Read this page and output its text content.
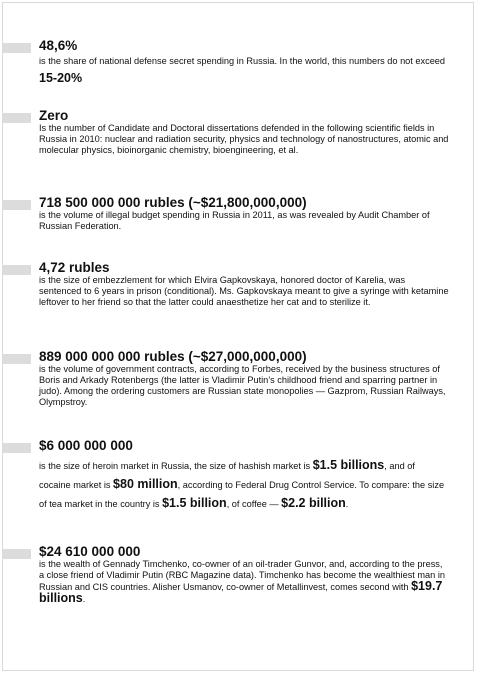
48,6%

is the share of national defense secret spending in Russia. In the world, this numbers do not exceed 15-20%

Zero

Is the number of Candidate and Doctoral dissertations defended in the following scientific fields in Russia in 2010: nuclear and radiation security, physics and technology of nanostructures, atomic and molecular physics, bioinorganic chemistry, bioengineering, et al.

718 500 000 000 rubles (~$21,800,000,000)

is the volume of illegal budget spending in Russia in 2011, as was revealed by Audit Chamber of Russian Federation.

4,72 rubles

is the size of embezzlement for which Elvira Gapkovskaya, honored doctor of Karelia, was sentenced to 6 years in prison (conditional). Ms. Gapkovskaya meant to give a syringe with ketamine leftover to her friend so that the latter could anaesthetize her cat and to sterilize it.

889 000 000 000 rubles (~$27,000,000,000)

is the volume of government contracts, according to Forbes, received by the business structures of Boris and Arkady Rotenbergs (the latter is Vladimir Putin’s childhood friend and sparring partner in judo). Among the ordering customers are Russian state monopolies — Gazprom, Russian Railways, Olympstroy.

$6 000 000 000

is the size of heroin market in Russia, the size of hashish market is $1.5 billions, and of cocaine market is $80 million, according to Federal Drug Control Service. To compare: the size of tea market in the country is $1.5 billion, of coffee — $2.2 billion.

$24 610 000 000

is the wealth of Gennady Timchenko, co-owner of an oil-trader Gunvor, and, according to the press, a close friend of Vladimir Putin (RBC Magazine data). Timchenko has become the wealthiest man in Russian and CIS countries. Alisher Usmanov, co-owner of Metallinvest, comes second with $19.7 billions.
